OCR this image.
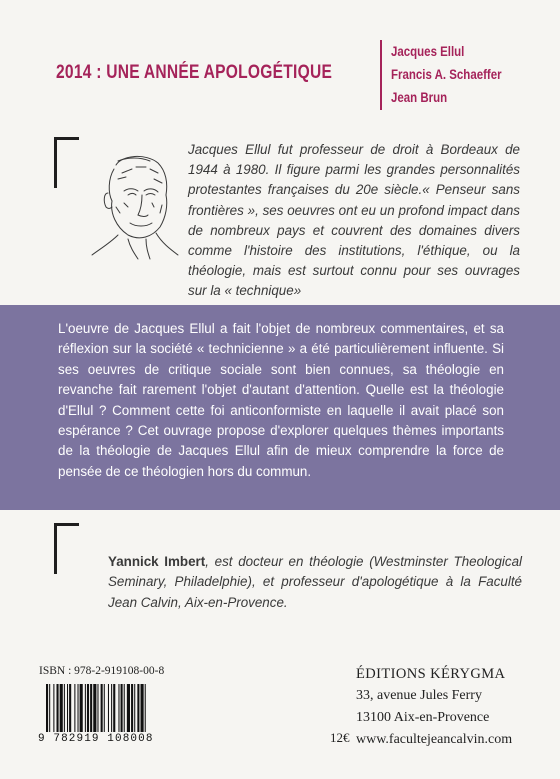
2014 : UNE ANNÉE APOLOGÉTIQUE
Jacques Ellul
Francis A. Schaeffer
Jean Brun
Jacques Ellul fut professeur de droit à Bordeaux de 1944 à 1980. Il figure parmi les grandes personnalités protestantes françaises du 20e siècle.« Penseur sans frontières », ses oeuvres ont eu un profond impact dans de nombreux pays et couvrent des domaines divers comme l'histoire des institutions, l'éthique, ou la théologie, mais est surtout connu pour ses ouvrages sur la « technique»
L'oeuvre de Jacques Ellul a fait l'objet de nombreux commentaires, et sa réflexion sur la société « technicienne » a été particulièrement influente. Si ses oeuvres de critique sociale sont bien connues, sa théologie en revanche fait rarement l'objet d'autant d'attention. Quelle est la théologie d'Ellul ? Comment cette foi anticonformiste en laquelle il avait placé son espérance ? Cet ouvrage propose d'explorer quelques thèmes importants de la théologie de Jacques Ellul afin de mieux comprendre la force de pensée de ce théologien hors du commun.
Yannick Imbert, est docteur en théologie (Westminster Theological Seminary, Philadelphie), et professeur d'apologétique à la Faculté Jean Calvin, Aix-en-Provence.
ISBN : 978-2-919108-00-8
9 782919 108008	12€
ÉDITIONS KÉRYGMA
33, avenue Jules Ferry
13100 Aix-en-Provence
www.facultejeancalvin.com
